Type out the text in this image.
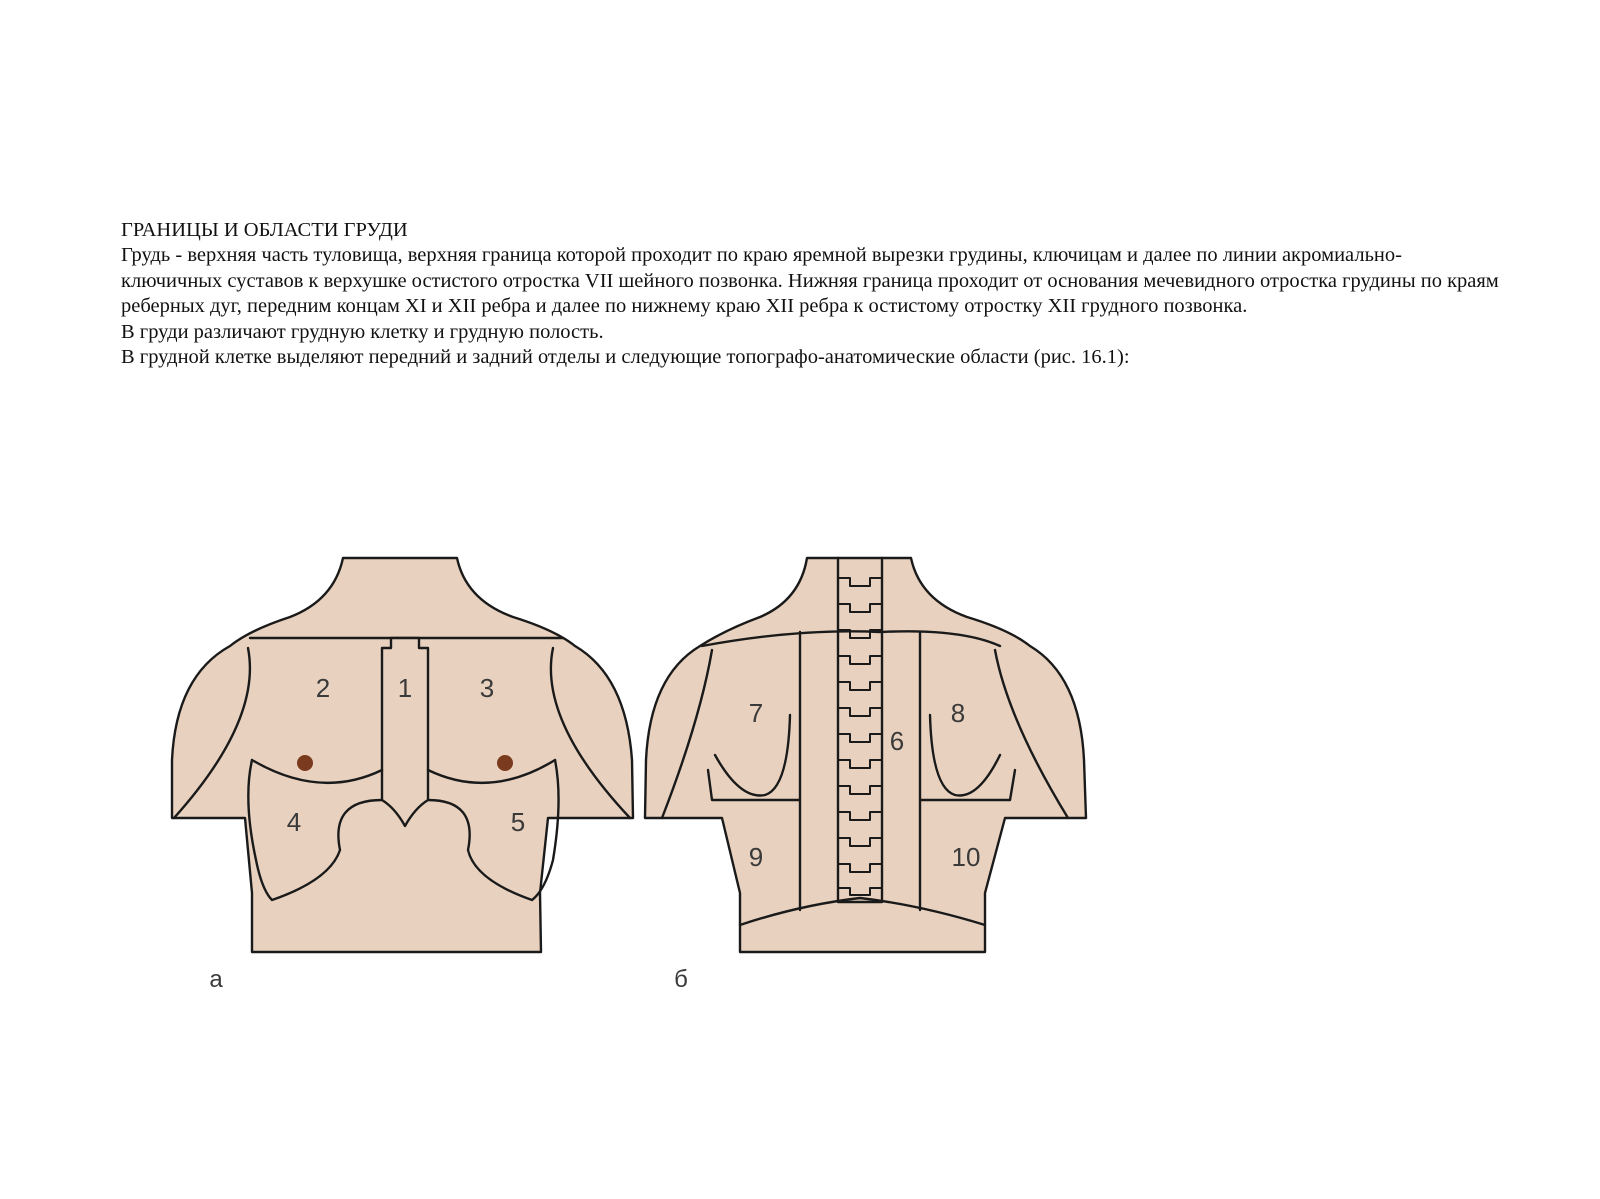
ГРАНИЦЫ И ОБЛАСТИ ГРУДИ

Грудь - верхняя часть туловища, верхняя граница которой проходит по краю яремной вырезки грудины, ключицам и далее по линии акромиально-ключичных суставов к верхушке остистого отростка VII шейного позвонка. Нижняя граница проходит от основания мечевидного отростка грудины по краям реберных дуг, передним концам XI и XII ребра и далее по нижнему краю XII ребра к остистому отростку XII грудного позвонка.

В груди различают грудную клетку и грудную полость.

В грудной клетке выделяют передний и задний отделы и следующие топографо-анатомические области (рис. 16.1):

1
2	3
4	5
а
6
7	8
9	10
б
